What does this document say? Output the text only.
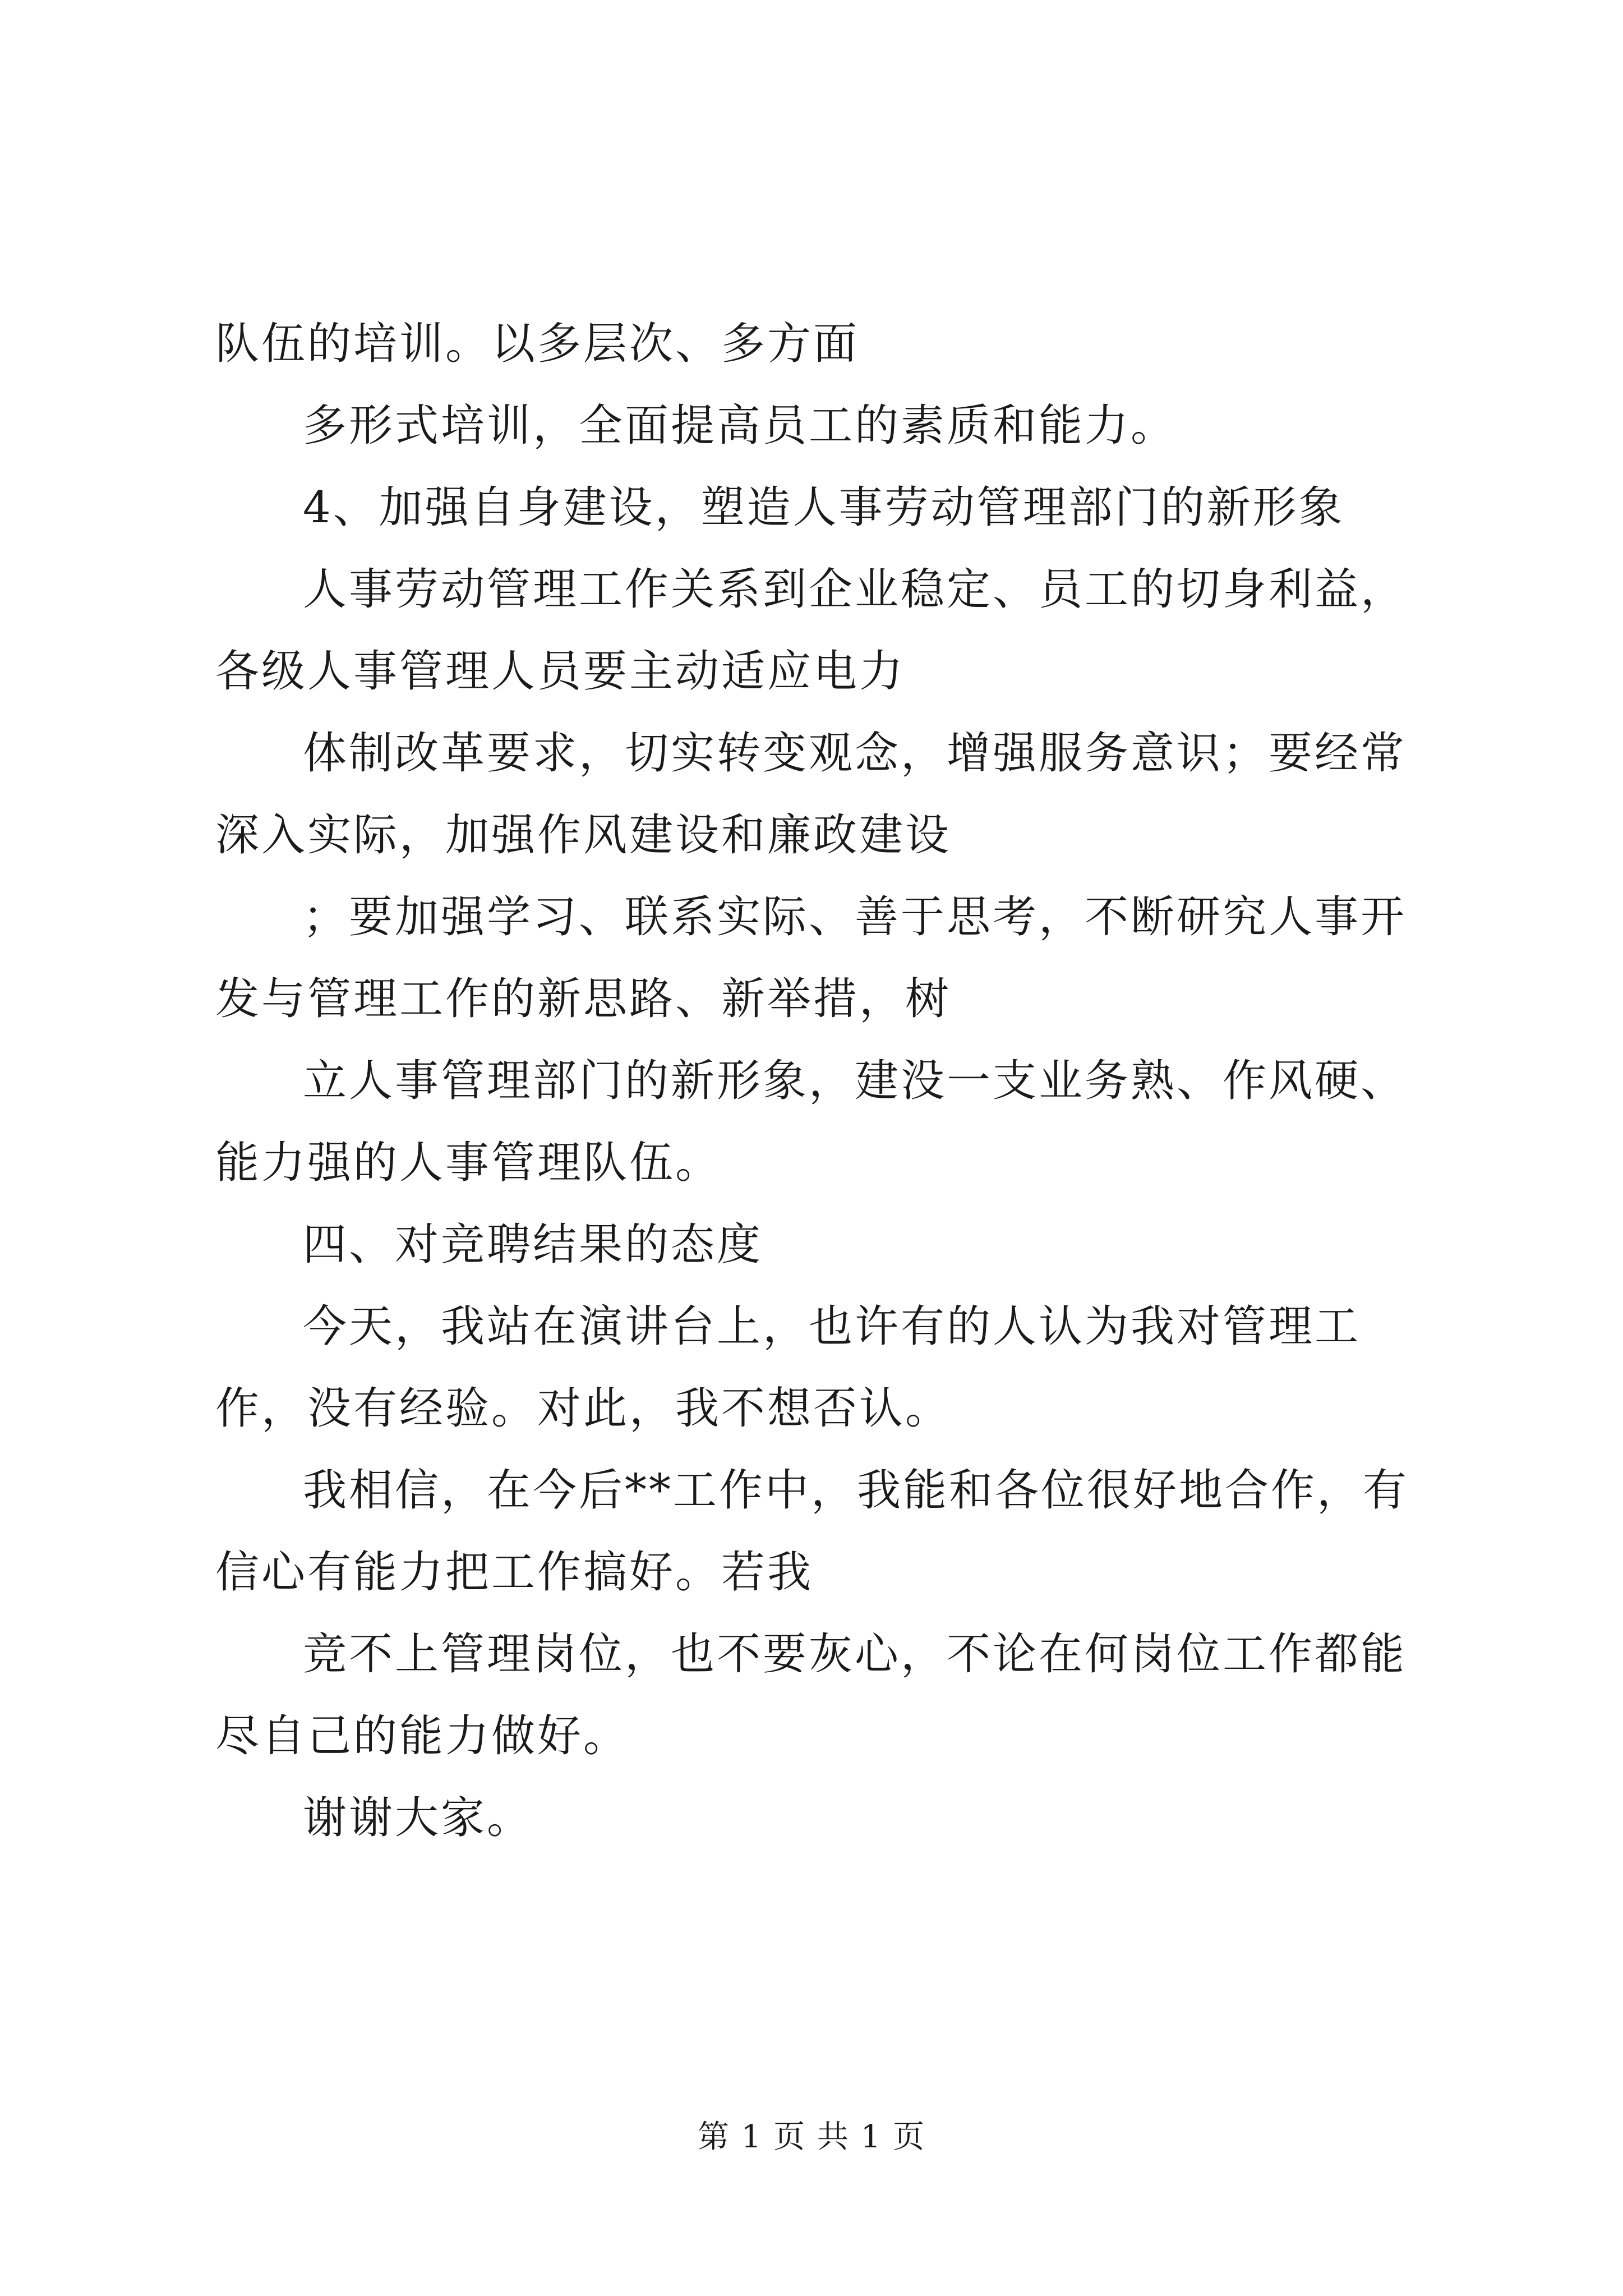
队伍的培训。以多层次、多方面

多形式培训，全面提高员工的素质和能力。

4、加强自身建设，塑造人事劳动管理部门的新形象

人事劳动管理工作关系到企业稳定、员工的切身利益，各级人事管理人员要主动适应电力

体制改革要求，切实转变观念，增强服务意识；要经常深入实际，加强作风建设和廉政建设

；要加强学习、联系实际、善于思考，不断研究人事开发与管理工作的新思路、新举措，树

立人事管理部门的新形象，建没一支业务熟、作风硬、能力强的人事管理队伍。

四、对竞聘结果的态度

今天，我站在演讲台上，也许有的人认为我对管理工作，没有经验。对此，我不想否认。

我相信，在今后**工作中，我能和各位很好地合作，有信心有能力把工作搞好。若我

竞不上管理岗位，也不要灰心，不论在何岗位工作都能尽自己的能力做好。

谢谢大家。

第 1 页 共 1 页
